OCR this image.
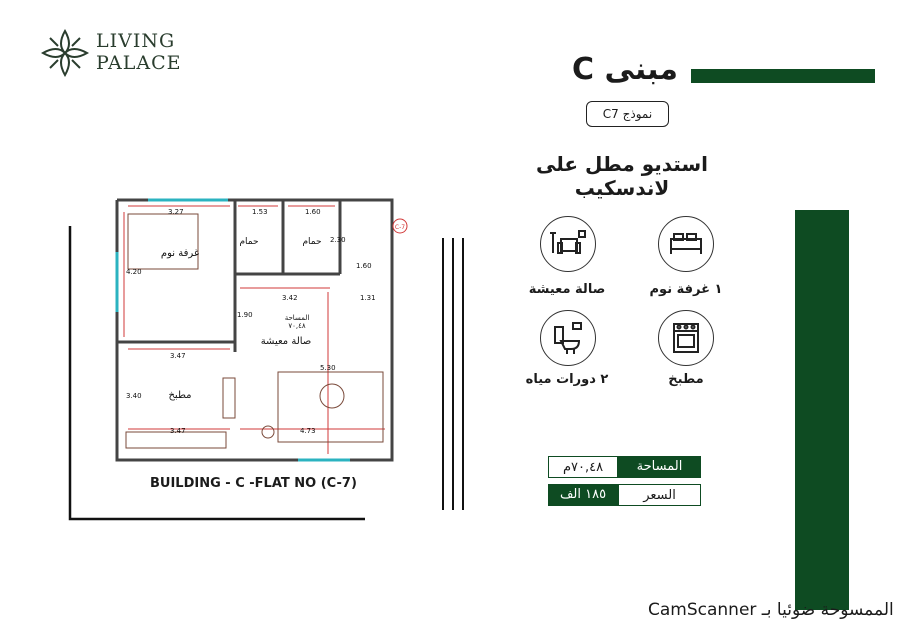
LIVING
PALACE	مبنى C
نموذج C7
استديو مطل على لاندسكيب
١ غرفة نوم
صالة معيشة
مطبخ
٢ دورات مياه
٧٠,٤٨م	المساحة
١٨٥ الف	السعر
غرفة نوم
حمام	حمام
المساحة
٧٠,٤٨
صالة معيشة
مطبخ
3.27	1.53	1.60
4.20
3.42	1.31
1.90
3.47
5.30
3.40
3.47	4.73
2.30
1.60
C-7
BUILDING - C -FLAT NO (C-7)
الممسوحة ضوئيا بـ CamScanner
